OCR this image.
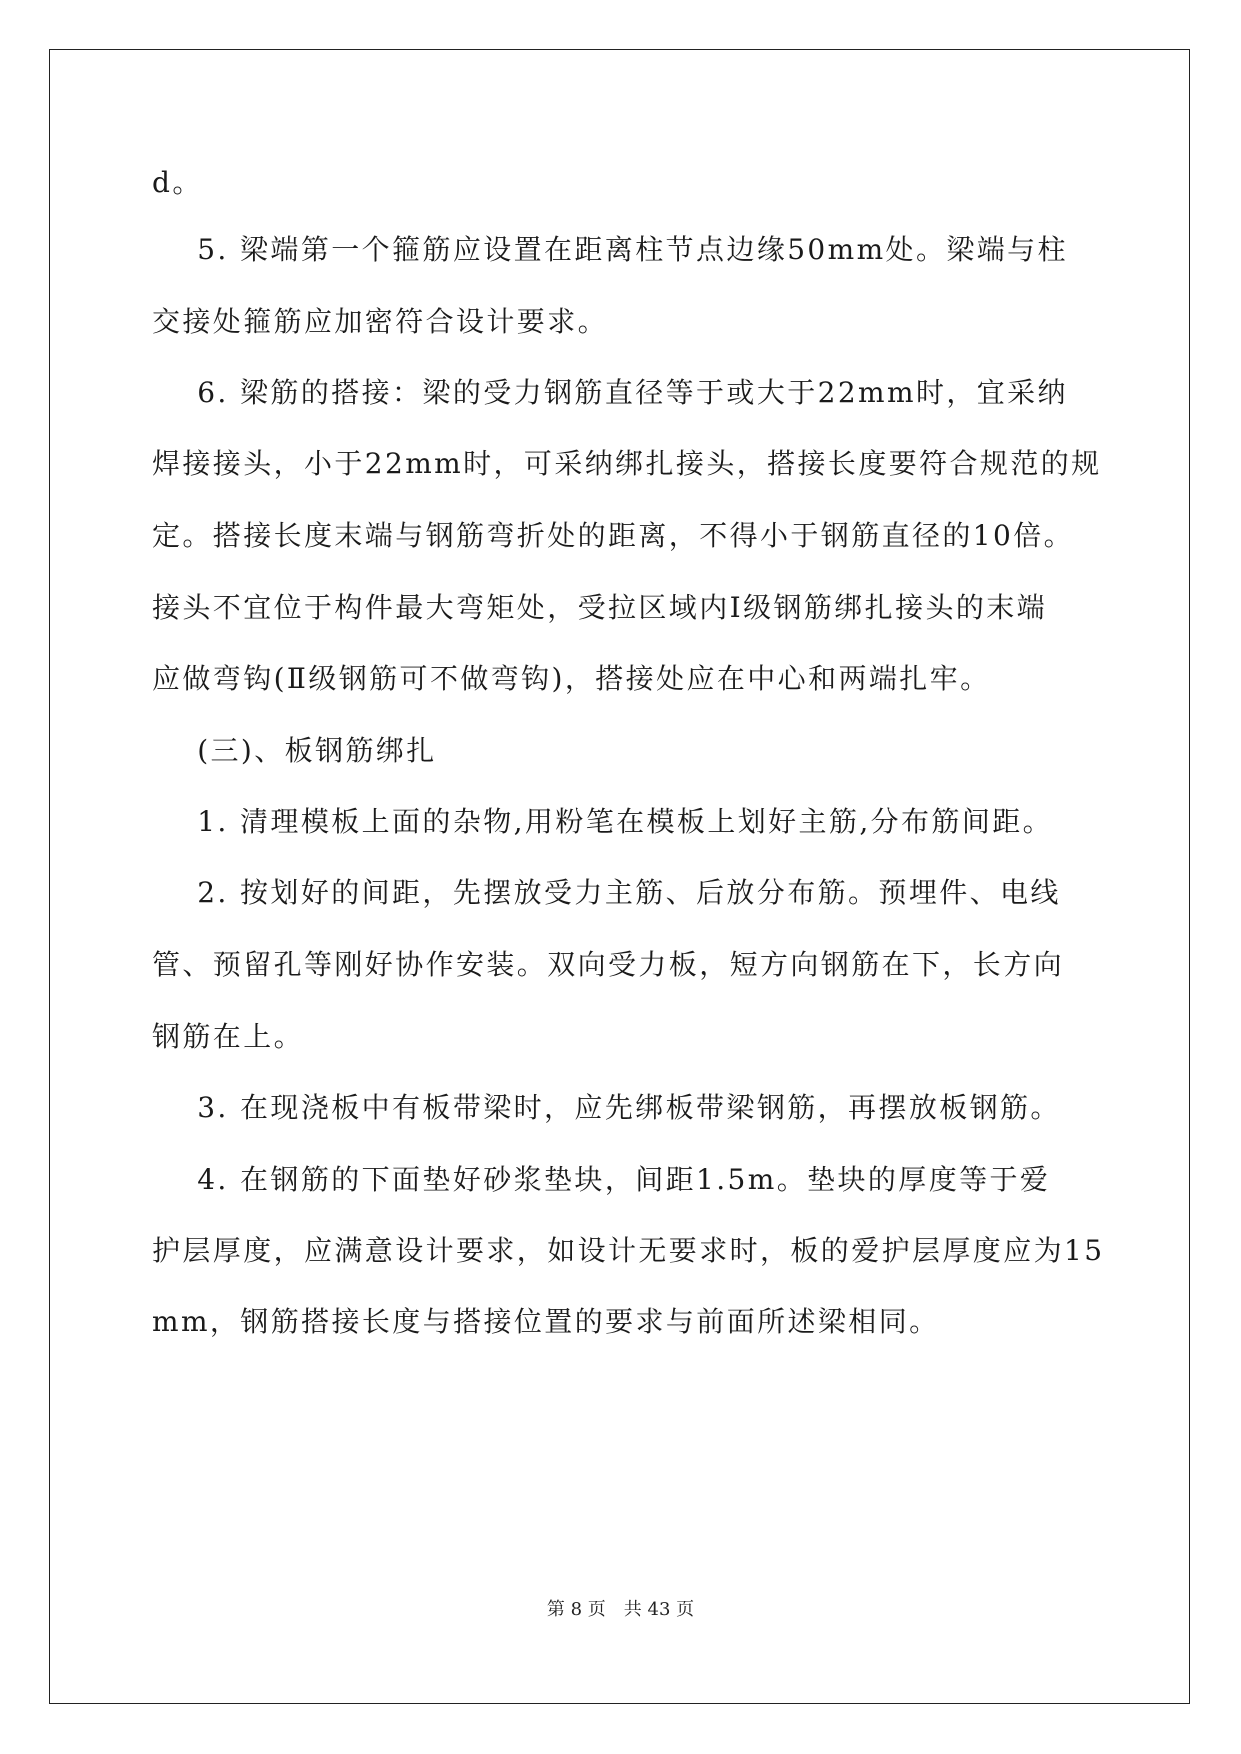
d。
5. 梁端第一个箍筋应设置在距离柱节点边缘50mm处。梁端与柱
交接处箍筋应加密符合设计要求。
6. 梁筋的搭接：梁的受力钢筋直径等于或大于22mm时，宜采纳
焊接接头，小于22mm时，可采纳绑扎接头，搭接长度要符合规范的规
定。搭接长度末端与钢筋弯折处的距离，不得小于钢筋直径的10倍。
接头不宜位于构件最大弯矩处，受拉区域内Ⅰ级钢筋绑扎接头的末端
应做弯钩(Ⅱ级钢筋可不做弯钩)，搭接处应在中心和两端扎牢。
(三)、板钢筋绑扎
1. 清理模板上面的杂物,用粉笔在模板上划好主筋,分布筋间距。
2. 按划好的间距，先摆放受力主筋、后放分布筋。预埋件、电线
管、预留孔等刚好协作安装。双向受力板，短方向钢筋在下，长方向
钢筋在上。
3. 在现浇板中有板带梁时，应先绑板带梁钢筋，再摆放板钢筋。
4. 在钢筋的下面垫好砂浆垫块，间距1.5m。垫块的厚度等于爱
护层厚度，应满意设计要求，如设计无要求时，板的爱护层厚度应为15
mm，钢筋搭接长度与搭接位置的要求与前面所述梁相同。
第 8 页 共 43 页
